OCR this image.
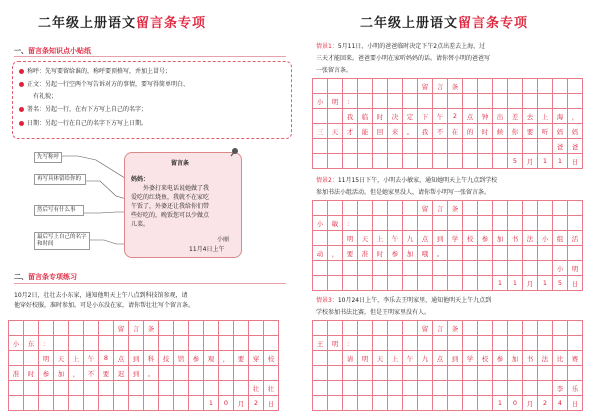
二年级上册语文留言条专项
一、留言条知识点小贴纸
称呼：先写要留给谁的，称呼要顶格写，并加上冒号；
正文：另起一行空两个写告诉对方的事情，要写得简单明白、
有礼貌；
署名：另起一行，在右下方写上自己的名字；
日期：另起一行在自己的名字下方写上日期。
先写称呼
再写具体留给你的
然后写有什么事
最后写上自己的名字和时间
留言条
妈妈：
外婆打来电话说她做了我
爱吃的红烧鱼，我就不在家吃
午饭了，外婆还让我给你们带
些好吃的，晚饭您可以少做点
儿菜。
小丽
11月4日上午
二、留言条专项练习
10月2日，壮壮去小东家，通知他明天上午八点到科技馆参观，请
他穿好校服，准时参加。可是小东没在家，请你帮壮壮写个留言条。
							留	言	条								
小	东	：															
		明	天	上	午	8	点	到	科	技	馆	参	观	，	要	穿	校
准	时	参	加	，	不	要	迟	到	。								
																壮	壮
													1	0	月	2	日
二年级上册语文留言条专项
情景1：5月11日，小明的爸爸临时决定下午2点出差去上海，过
三天才能回来。爸爸要小明在家听妈妈的话。请你替小明的爸爸写
一张留言条。
							留	言	条								
小	明	：															
		我	临	时	决	定	下	午	2	点	钟	出	差	去	上	海	，
三	天	才	能	回	来	。	我	不	在	的	时	候	你	要	听	妈	妈
																爸	爸
													5	月	1	1	日
情景2：11月15日下午，小明去小敏家，通知她明天上午九点到学校
参加书法小组活动。但是她家里没人，请你帮小明写一张留言条。
							留	言	条								
小	敏	：															
		明	天	上	午	九	点	到	学	校	参	加	书	法	小	组	活
动	，	要	准	时	参	加	哦	。									
																小	明
												1	1	月	1	5	日
情景3：10月24日上午，李乐去王明家里，通知他明天上午九点到
学校参加书法比赛，但是王明家里没有人。
							留	言	条								
王	明	：															
		请	明	天	上	午	九	点	到	学	校	参	加	书	法	比	赛

																李	乐
												1	0	月	2	4	日
